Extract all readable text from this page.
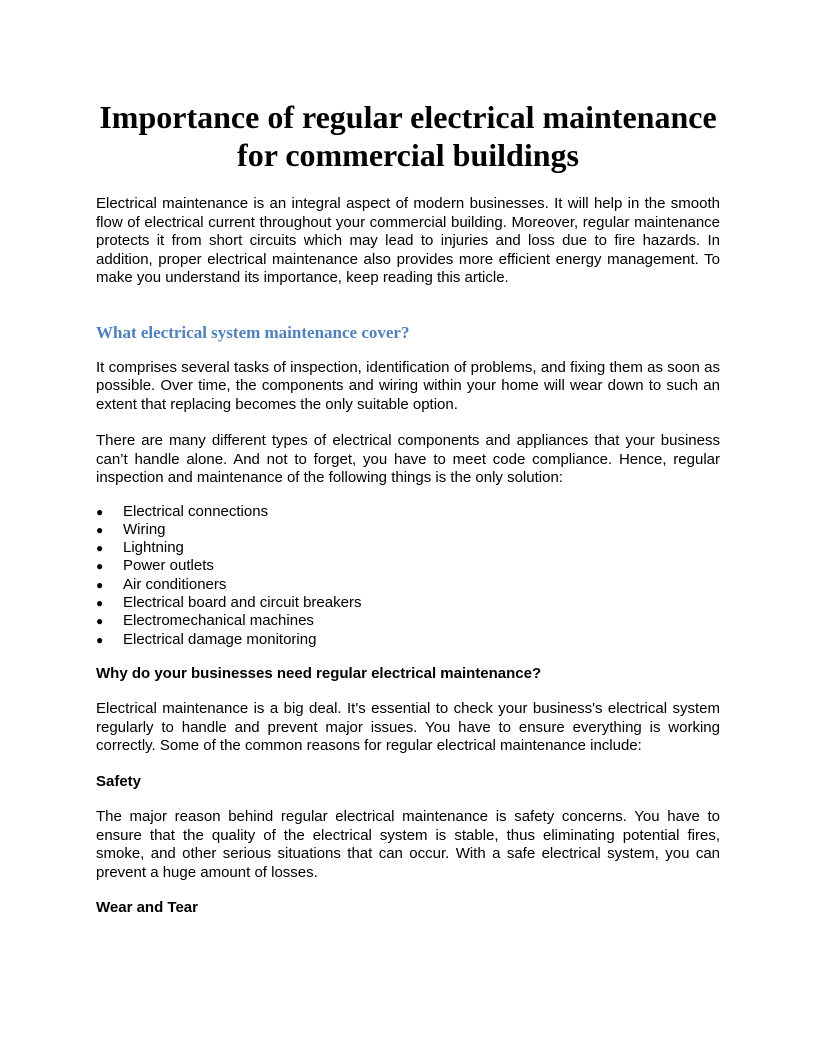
Importance of regular electrical maintenance for commercial buildings

Electrical maintenance is an integral aspect of modern businesses. It will help in the smooth flow of electrical current throughout your commercial building. Moreover, regular maintenance protects it from short circuits which may lead to injuries and loss due to fire hazards. In addition, proper electrical maintenance also provides more efficient energy management. To make you understand its importance, keep reading this article.

What electrical system maintenance cover?

It comprises several tasks of inspection, identification of problems, and fixing them as soon as possible. Over time, the components and wiring within your home will wear down to such an extent that replacing becomes the only suitable option.

There are many different types of electrical components and appliances that your business can’t handle alone. And not to forget, you have to meet code compliance. Hence, regular inspection and maintenance of the following things is the only solution:

●	Electrical connections
●	Wiring
●	Lightning
●	Power outlets
●	Air conditioners
●	Electrical board and circuit breakers
●	Electromechanical machines
●	Electrical damage monitoring
Why do your businesses need regular electrical maintenance?

Electrical maintenance is a big deal. It's essential to check your business's electrical system regularly to handle and prevent major issues. You have to ensure everything is working correctly. Some of the common reasons for regular electrical maintenance include:

Safety

The major reason behind regular electrical maintenance is safety concerns. You have to ensure that the quality of the electrical system is stable, thus eliminating potential fires, smoke, and other serious situations that can occur. With a safe electrical system, you can prevent a huge amount of losses.

Wear and Tear
